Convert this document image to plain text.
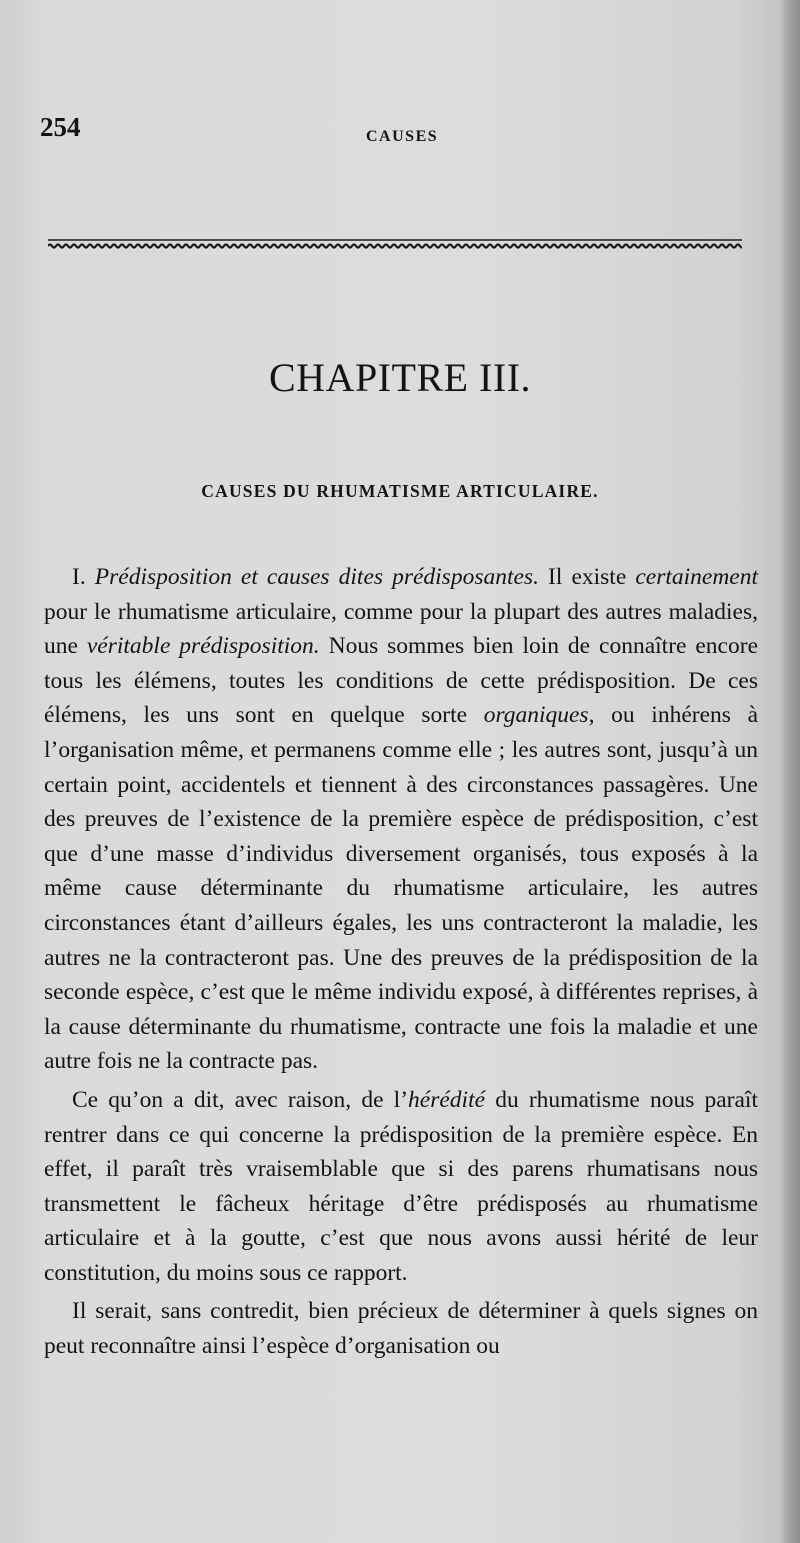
254	CAUSES
CHAPITRE III.
CAUSES DU RHUMATISME ARTICULAIRE.

I. Prédisposition et causes dites prédisposantes. Il existe certainement pour le rhumatisme articulaire, comme pour la plupart des autres maladies, une véritable prédisposition. Nous sommes bien loin de connaître encore tous les élémens, toutes les conditions de cette prédisposition. De ces élémens, les uns sont en quelque sorte organiques, ou inhérens à l’organisation même, et permanens comme elle ; les autres sont, jusqu’à un certain point, accidentels et tiennent à des circonstances passagères. Une des preuves de l’existence de la première espèce de prédisposition, c’est que d’une masse d’individus diversement organisés, tous exposés à la même cause déterminante du rhumatisme articulaire, les autres circonstances étant d’ailleurs égales, les uns contracteront la maladie, les autres ne la contracteront pas. Une des preuves de la prédisposition de la seconde espèce, c’est que le même individu exposé, à différentes reprises, à la cause déterminante du rhumatisme, contracte une fois la maladie et une autre fois ne la contracte pas.

Ce qu’on a dit, avec raison, de l’hérédité du rhumatisme nous paraît rentrer dans ce qui concerne la prédisposition de la première espèce. En effet, il paraît très vraisemblable que si des parens rhumatisans nous transmettent le fâcheux héritage d’être prédisposés au rhumatisme articulaire et à la goutte, c’est que nous avons aussi hérité de leur constitution, du moins sous ce rapport.

Il serait, sans contredit, bien précieux de déterminer à quels signes on peut reconnaître ainsi l’espèce d’organisation ou
